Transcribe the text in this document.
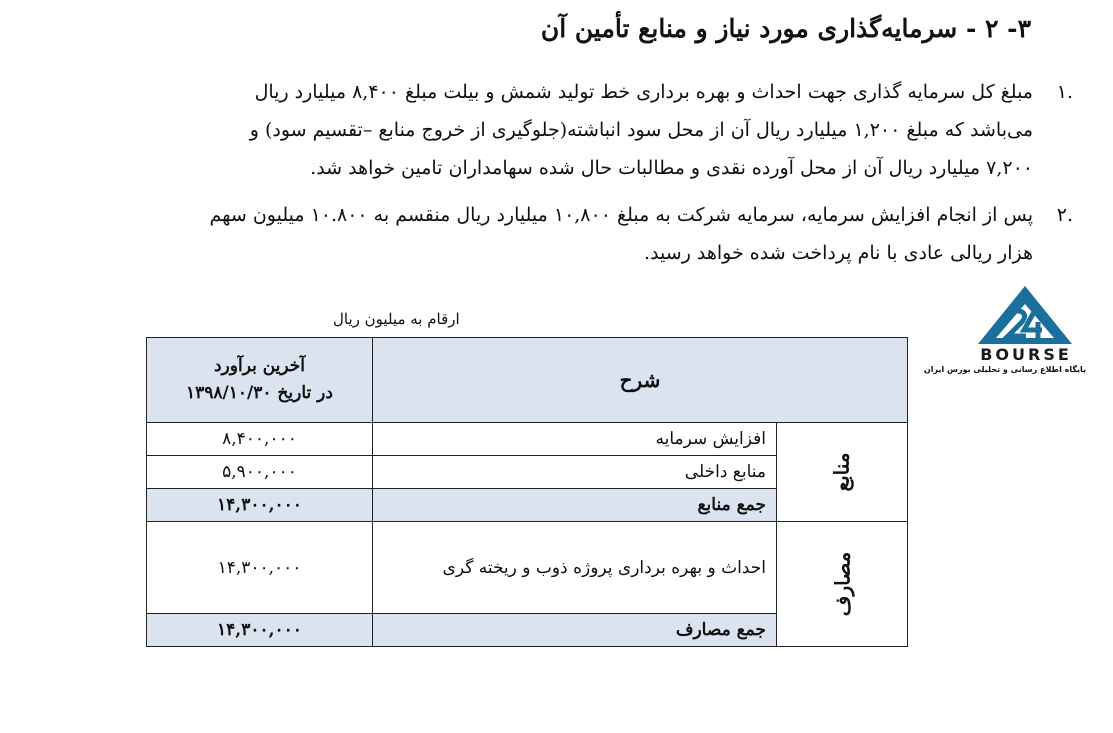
۳- ۲ - سرمایه‌گذاری مورد نیاز و منابع تأمین آن
.۱مبلغ کل سرمایه گذاری جهت احداث و بهره برداری خط تولید شمش و بیلت مبلغ ۸,۴۰۰ میلیارد ریال
می‌باشد که مبلغ ۱,۲۰۰ میلیارد ریال آن از محل سود انباشته(جلوگیری از خروج منابع –تقسیم سود) و
۷,۲۰۰ میلیارد ریال آن از محل آورده نقدی و مطالبات حال شده سهامداران تامین خواهد شد.
.۲پس از انجام افزایش سرمایه، سرمایه شرکت به مبلغ ۱۰,۸۰۰ میلیارد ریال منقسم به ۱۰.۸۰۰ میلیون سهم
هزار ریالی عادی با نام پرداخت شده خواهد رسید.
ارقام به میلیون ریال
BOURSE
پایگاه اطلاع رسانی و تحلیلی بورس ایران
شرح		آخرین برآورد
در تاریخ ۱۳۹۸/۱۰/۳۰

منابع	افزایش سرمایه	۸,۴۰۰,۰۰۰
	منابع داخلی	۵,۹۰۰,۰۰۰
	جمع منابع	۱۴,۳۰۰,۰۰۰
مصارف	احداث و بهره برداری پروژه ذوب و ریخته گری	۱۴,۳۰۰,۰۰۰
	جمع مصارف	۱۴,۳۰۰,۰۰۰
